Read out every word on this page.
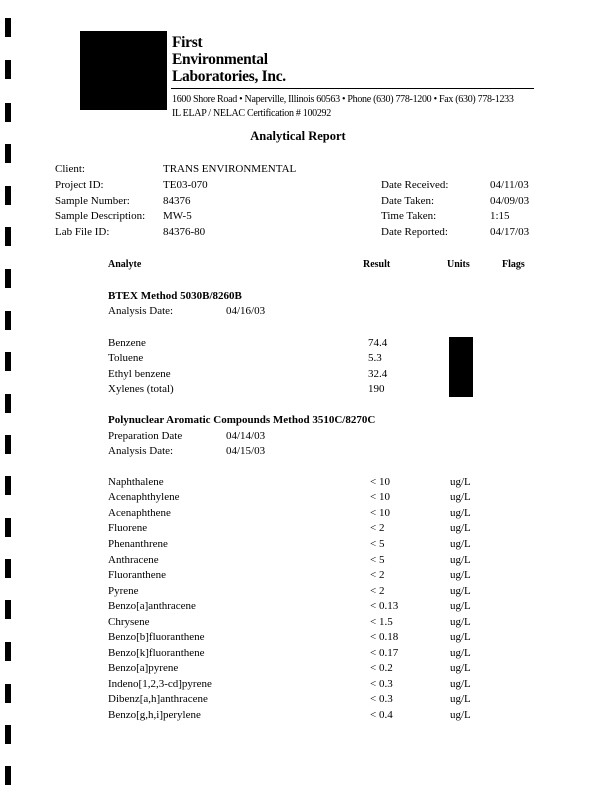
First
Environmental
Laboratories, Inc.
1600 Shore Road • Naperville, Illinois 60563 • Phone (630) 778-1200 • Fax (630) 778-1233
IL ELAP / NELAC Certification # 100292
Analytical Report
Client:	TRANS ENVIRONMENTAL
Project ID:	TE03-070
Sample Number:	84376
Sample Description: MW-5
Lab File ID:	84376-80
Date Received:	04/11/03
Date Taken:	04/09/03
Time Taken:	1:15
Date Reported:	04/17/03
Analyte	Result	Units	Flags
BTEX Method 5030B/8260B
Analysis Date:	04/16/03
Benzene	74.4
Toluene	5.3
Ethyl benzene	32.4
Xylenes (total)	190
Polynuclear Aromatic Compounds Method 3510C/8270C
Preparation Date	04/14/03
Analysis Date:	04/15/03
Naphthalene	< 10	ug/L
Acenaphthylene	< 10	ug/L
Acenaphthene	< 10	ug/L
Fluorene	< 2	ug/L
Phenanthrene	< 5	ug/L
Anthracene	< 5	ug/L
Fluoranthene	< 2	ug/L
Pyrene	< 2	ug/L
Benzo[a]anthracene	< 0.13	ug/L
Chrysene	< 1.5	ug/L
Benzo[b]fluoranthene	< 0.18	ug/L
Benzo[k]fluoranthene	< 0.17	ug/L
Benzo[a]pyrene	< 0.2	ug/L
Indeno[1,2,3-cd]pyrene	< 0.3	ug/L
Dibenz[a,h]anthracene	< 0.3	ug/L
Benzo[g,h,i]perylene	< 0.4	ug/L
